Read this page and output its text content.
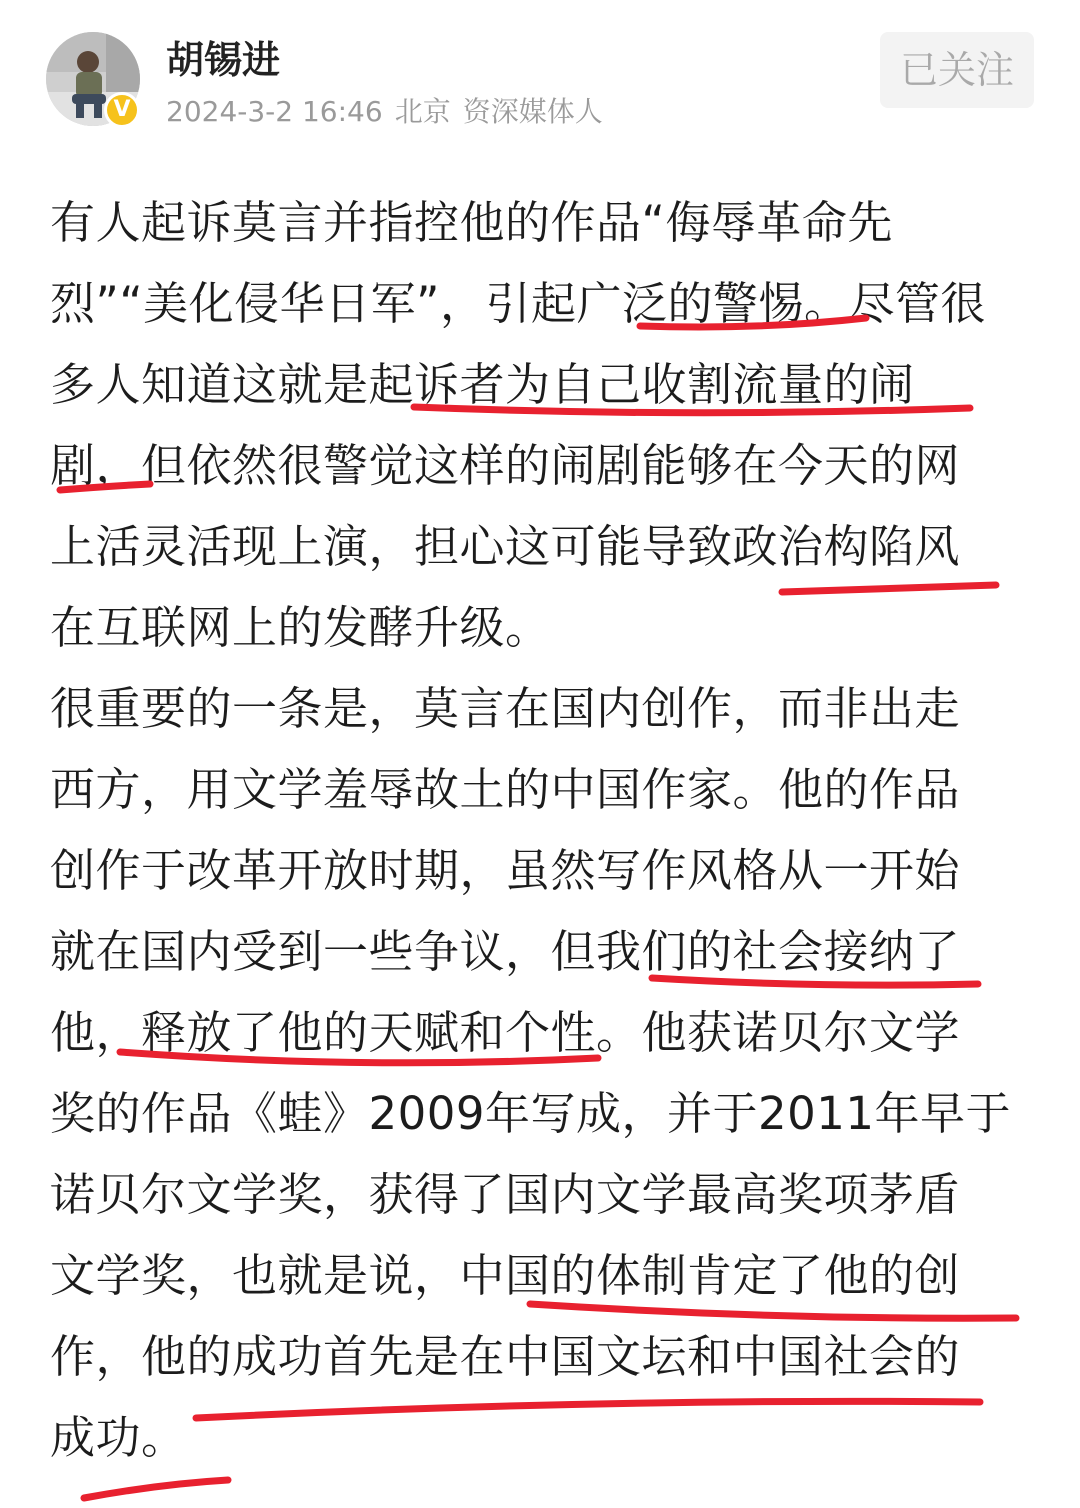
V
胡锡进
2024-3-2 16:46 北京 资深媒体人
已关注
有人起诉莫言并指控他的作品“侮辱革命先
烈”“美化侵华日军”，引起广泛的警惕。尽管很
多人知道这就是起诉者为自己收割流量的闹
剧，但依然很警觉这样的闹剧能够在今天的网
上活灵活现上演，担心这可能导致政治构陷风
在互联网上的发酵升级。
很重要的一条是，莫言在国内创作，而非出走
西方，用文学羞辱故土的中国作家。他的作品
创作于改革开放时期，虽然写作风格从一开始
就在国内受到一些争议，但我们的社会接纳了
他，释放了他的天赋和个性。他获诺贝尔文学
奖的作品《蛙》2009年写成，并于2011年早于
诺贝尔文学奖，获得了国内文学最高奖项茅盾
文学奖，也就是说，中国的体制肯定了他的创
作，他的成功首先是在中国文坛和中国社会的
成功。
